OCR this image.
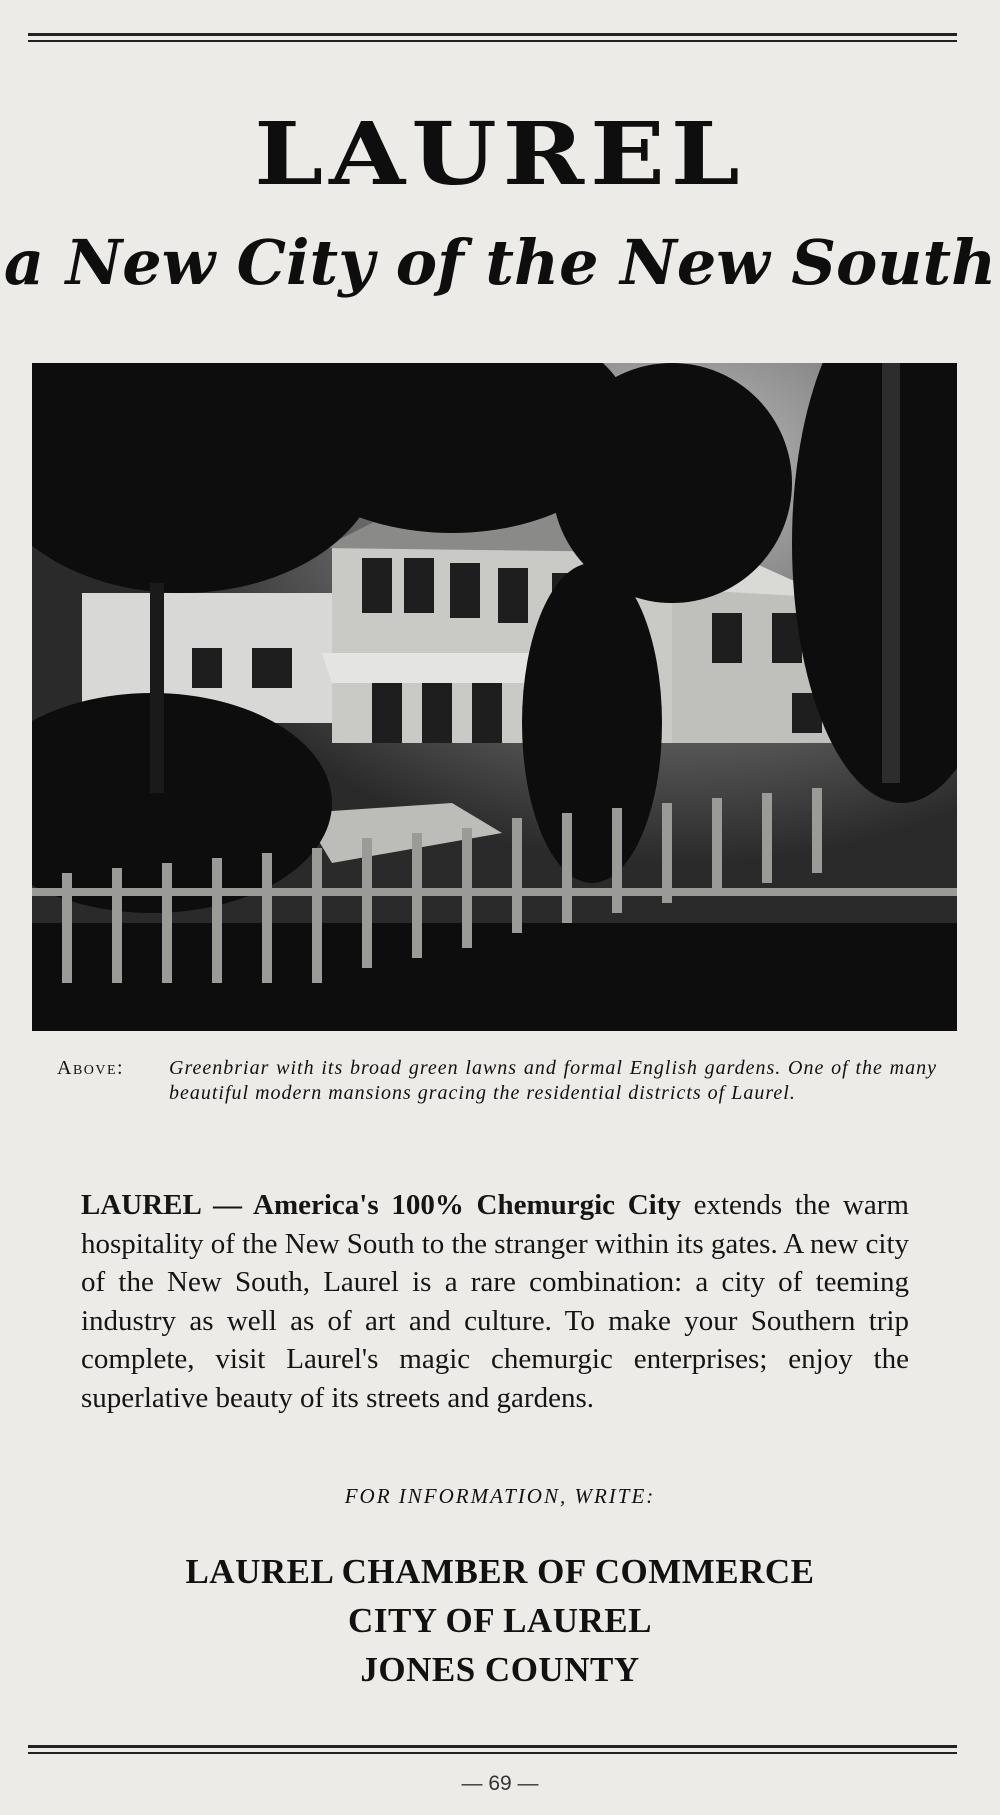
LAUREL
a New City of the New South
Above: Greenbriar with its broad green lawns and formal English gardens. One of the many beautiful modern mansions gracing the residential districts of Laurel.
LAUREL — America's 100% Chemurgic City extends the warm hospitality of the New South to the stranger within its gates. A new city of the New South, Laurel is a rare combination: a city of teeming industry as well as of art and culture. To make your Southern trip complete, visit Laurel's magic chemurgic enterprises; enjoy the superlative beauty of its streets and gardens.
FOR INFORMATION, WRITE:
LAUREL CHAMBER OF COMMERCE
CITY OF LAUREL
JONES COUNTY
— 69 —
